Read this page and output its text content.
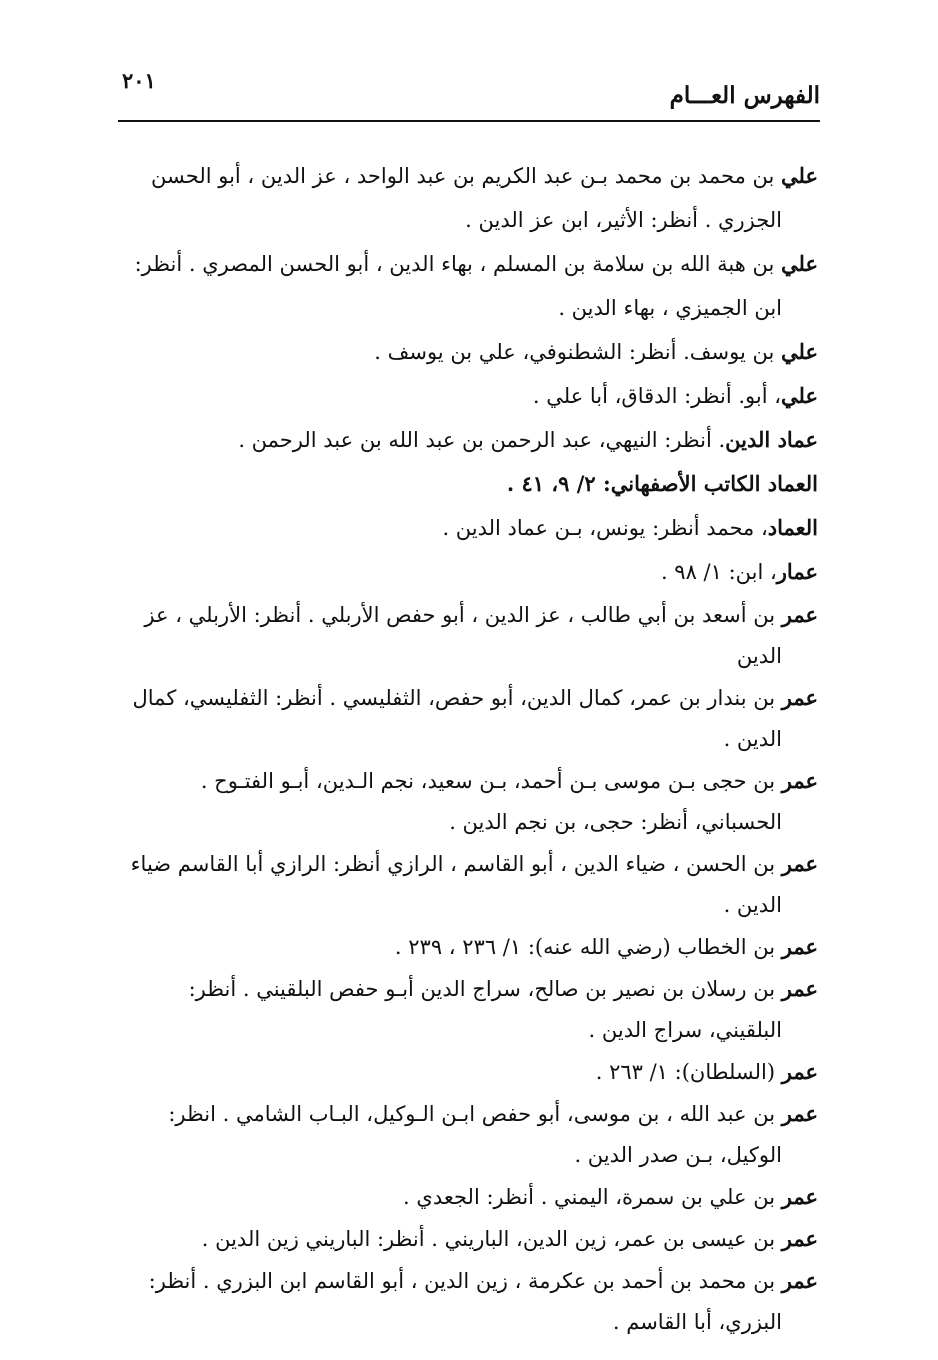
٢٠١
الفهرس العـــام

علي بن محمد بن محمد بـن عبد الكريم بن عبد الواحد ، عز الدين ، أبو الحسن الجزري . أنظر: الأثير، ابن عز الدين .

علي بن هبة الله بن سلامة بن المسلم ، بهاء الدين ، أبو الحسن المصري . أنظر: ابن الجميزي ، بهاء الدين .

علي بن يوسف. أنظر: الشطنوفي، علي بن يوسف .

علي، أبو. أنظر: الدقاق، أبا علي .

عماد الدين. أنظر: النيهي، عبد الرحمن بن عبد الله بن عبد الرحمن .

العماد الكاتب الأصفهاني: ٢/ ٩، ٤١ .

العماد، محمد أنظر: يونس، بـن عماد الدين .

عمار، ابن: ١/ ٩٨ .

عمر بن أسعد بن أبي طالب ، عز الدين ، أبو حفص الأربلي . أنظر: الأربلي ، عز الدين

عمر بن بندار بن عمر، كمال الدين، أبو حفص، الثفليسي . أنظر: الثفليسي، كمال الدين .

عمر بن حجى بـن موسى بـن أحمد، بـن سعيد، نجم الـدين، أبـو الفتـوح . الحسباني، أنظر: حجى، بن نجم الدين .

عمر بن الحسن ، ضياء الدين ، أبو القاسم ، الرازي أنظر: الرازي أبا القاسم ضياء الدين .

عمر بن الخطاب (رضي الله عنه): ١/ ٢٣٦ ، ٢٣٩ .

عمر بن رسلان بن نصير بن صالح، سراج الدين أبـو حفص البلقيني . أنظر: البلقيني، سراج الدين .

عمر (السلطان): ١/ ٢٦٣ .

عمر بن عبد الله ، بن موسى، أبو حفص ابـن الـوكيل، البـاب الشامي . انظر: الوكيل، بـن صدر الدين .

عمر بن علي بن سمرة، اليمني . أنظر: الجعدي .

عمر بن عيسى بن عمر، زين الدين، الباريني . أنظر: الباريني زين الدين .

عمر بن محمد بن أحمد بن عكرمة ، زين الدين ، أبو القاسم ابن البزري . أنظر: البزري، أبا القاسم .
